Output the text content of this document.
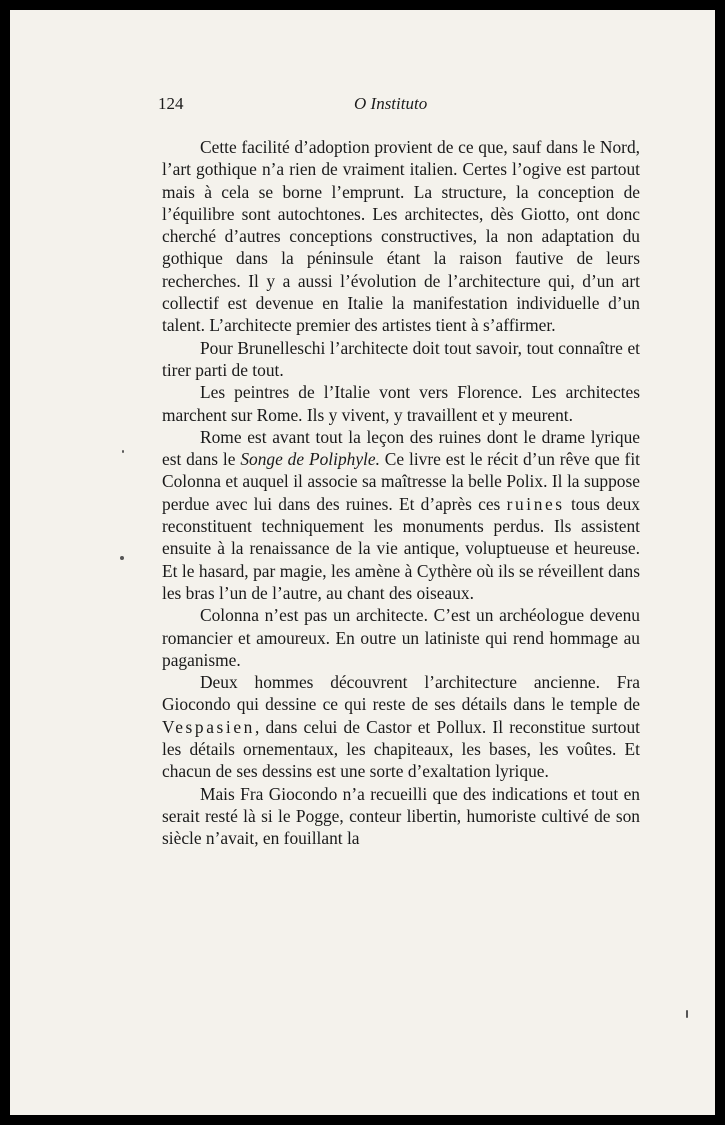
124	O Instituto

Cette facilité d’adoption provient de ce que, sauf dans le Nord, l’art gothique n’a rien de vraiment italien. Certes l’ogive est partout mais à cela se borne l’emprunt. La structure, la conception de l’équilibre sont autochtones. Les architectes, dès Giotto, ont donc cherché d’autres conceptions constructives, la non adaptation du gothique dans la péninsule étant la raison fautive de leurs recherches. Il y a aussi l’évolution de l’architecture qui, d’un art collectif est devenue en Italie la manifestation individuelle d’un talent. L’architecte premier des artistes tient à s’affirmer.

Pour Brunelleschi l’architecte doit tout savoir, tout connaître et tirer parti de tout.

Les peintres de l’Italie vont vers Florence. Les architectes marchent sur Rome. Ils y vivent, y travaillent et y meurent.

Rome est avant tout la leçon des ruines dont le drame lyrique est dans le Songe de Poliphyle. Ce livre est le récit d’un rêve que fit Colonna et auquel il associe sa maîtresse la belle Polix. Il la suppose perdue avec lui dans des ruines. Et d’après ces ruines tous deux reconstituent techniquement les monuments perdus. Ils assistent ensuite à la renaissance de la vie antique, voluptueuse et heureuse. Et le hasard, par magie, les amène à Cythère où ils se réveillent dans les bras l’un de l’autre, au chant des oiseaux.

Colonna n’est pas un architecte. C’est un archéologue devenu romancier et amoureux. En outre un latiniste qui rend hommage au paganisme.

Deux hommes découvrent l’architecture ancienne. Fra Giocondo qui dessine ce qui reste de ses détails dans le temple de Vespasien, dans celui de Castor et Pollux. Il reconstitue surtout les détails ornementaux, les chapiteaux, les bases, les voûtes. Et chacun de ses dessins est une sorte d’exaltation lyrique.

Mais Fra Giocondo n’a recueilli que des indications et tout en serait resté là si le Pogge, conteur libertin, humoriste cultivé de son siècle n’avait, en fouillant la
